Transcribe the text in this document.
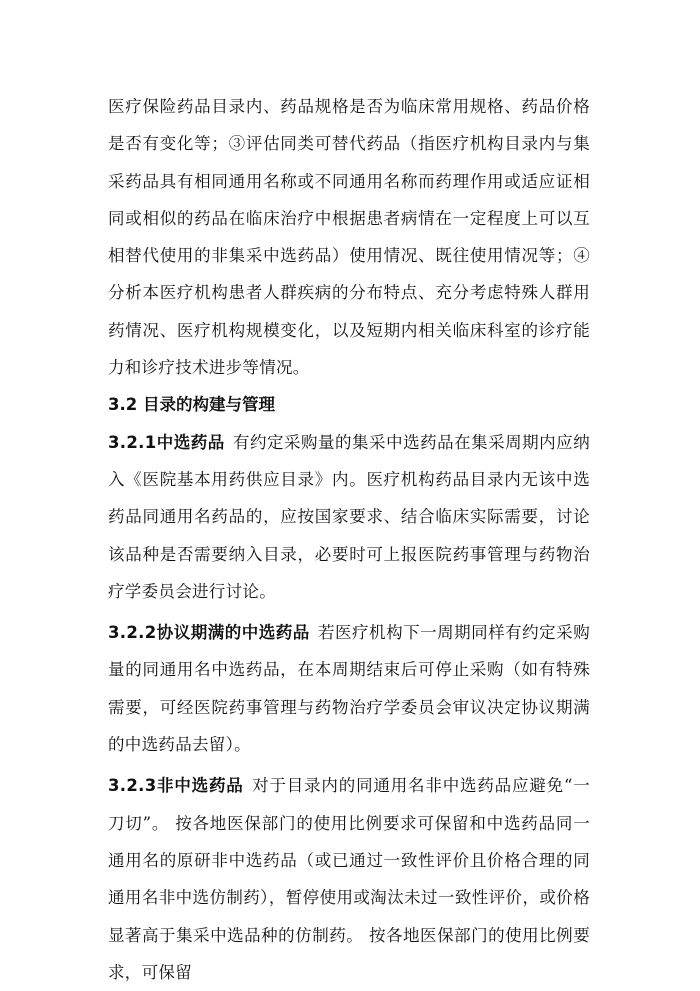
医疗保险药品目录内、药品规格是否为临床常用规格、药品价格是否有变化等；③评估同类可替代药品（指医疗机构目录内与集采药品具有相同通用名称或不同通用名称而药理作用或适应证相同或相似的药品在临床治疗中根据患者病情在一定程度上可以互相替代使用的非集采中选药品）使用情况、既往使用情况等；④分析本医疗机构患者人群疾病的分布特点、充分考虑特殊人群用药情况、医疗机构规模变化，以及短期内相关临床科室的诊疗能力和诊疗技术进步等情况。

3.2 目录的构建与管理

3.2.1中选药品 有约定采购量的集采中选药品在集采周期内应纳入《医院基本用药供应目录》内。医疗机构药品目录内无该中选药品同通用名药品的，应按国家要求、结合临床实际需要，讨论该品种是否需要纳入目录，必要时可上报医院药事管理与药物治疗学委员会进行讨论。

3.2.2协议期满的中选药品 若医疗机构下一周期同样有约定采购量的同通用名中选药品，在本周期结束后可停止采购（如有特殊需要，可经医院药事管理与药物治疗学委员会审议决定协议期满的中选药品去留）。

3.2.3非中选药品 对于目录内的同通用名非中选药品应避免“一刀切”。 按各地医保部门的使用比例要求可保留和中选药品同一通用名的原研非中选药品（或已通过一致性评价且价格合理的同通用名非中选仿制药），暂停使用或淘汰未过一致性评价，或价格显著高于集采中选品种的仿制药。 按各地医保部门的使用比例要求，可保留
